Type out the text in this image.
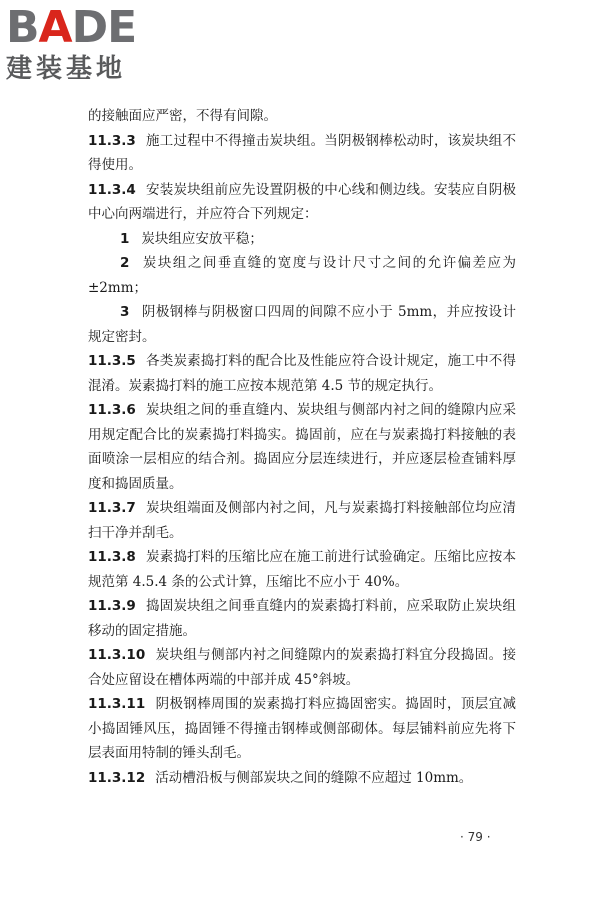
BADE
建装基地

的接触面应严密，不得有间隙。

11.3.3 施工过程中不得撞击炭块组。当阴极钢棒松动时，该炭块组不得使用。

11.3.4 安装炭块组前应先设置阴极的中心线和侧边线。安装应自阴极中心向两端进行，并应符合下列规定：

1 炭块组应安放平稳；

2 炭块组之间垂直缝的宽度与设计尺寸之间的允许偏差应为±2mm；

3 阴极钢棒与阴极窗口四周的间隙不应小于 5mm，并应按设计规定密封。

11.3.5 各类炭素捣打料的配合比及性能应符合设计规定，施工中不得混淆。炭素捣打料的施工应按本规范第 4.5 节的规定执行。

11.3.6 炭块组之间的垂直缝内、炭块组与侧部内衬之间的缝隙内应采用规定配合比的炭素捣打料捣实。捣固前，应在与炭素捣打料接触的表面喷涂一层相应的结合剂。捣固应分层连续进行，并应逐层检查铺料厚度和捣固质量。

11.3.7 炭块组端面及侧部内衬之间，凡与炭素捣打料接触部位均应清扫干净并刮毛。

11.3.8 炭素捣打料的压缩比应在施工前进行试验确定。压缩比应按本规范第 4.5.4 条的公式计算，压缩比不应小于 40%。

11.3.9 捣固炭块组之间垂直缝内的炭素捣打料前，应采取防止炭块组移动的固定措施。

11.3.10 炭块组与侧部内衬之间缝隙内的炭素捣打料宜分段捣固。接合处应留设在槽体两端的中部并成 45°斜坡。

11.3.11 阴极钢棒周围的炭素捣打料应捣固密实。捣固时，顶层宜减小捣固锤风压，捣固锤不得撞击钢棒或侧部砌体。每层铺料前应先将下层表面用特制的锤头刮毛。

11.3.12 活动槽沿板与侧部炭块之间的缝隙不应超过 10mm。

· 79 ·
